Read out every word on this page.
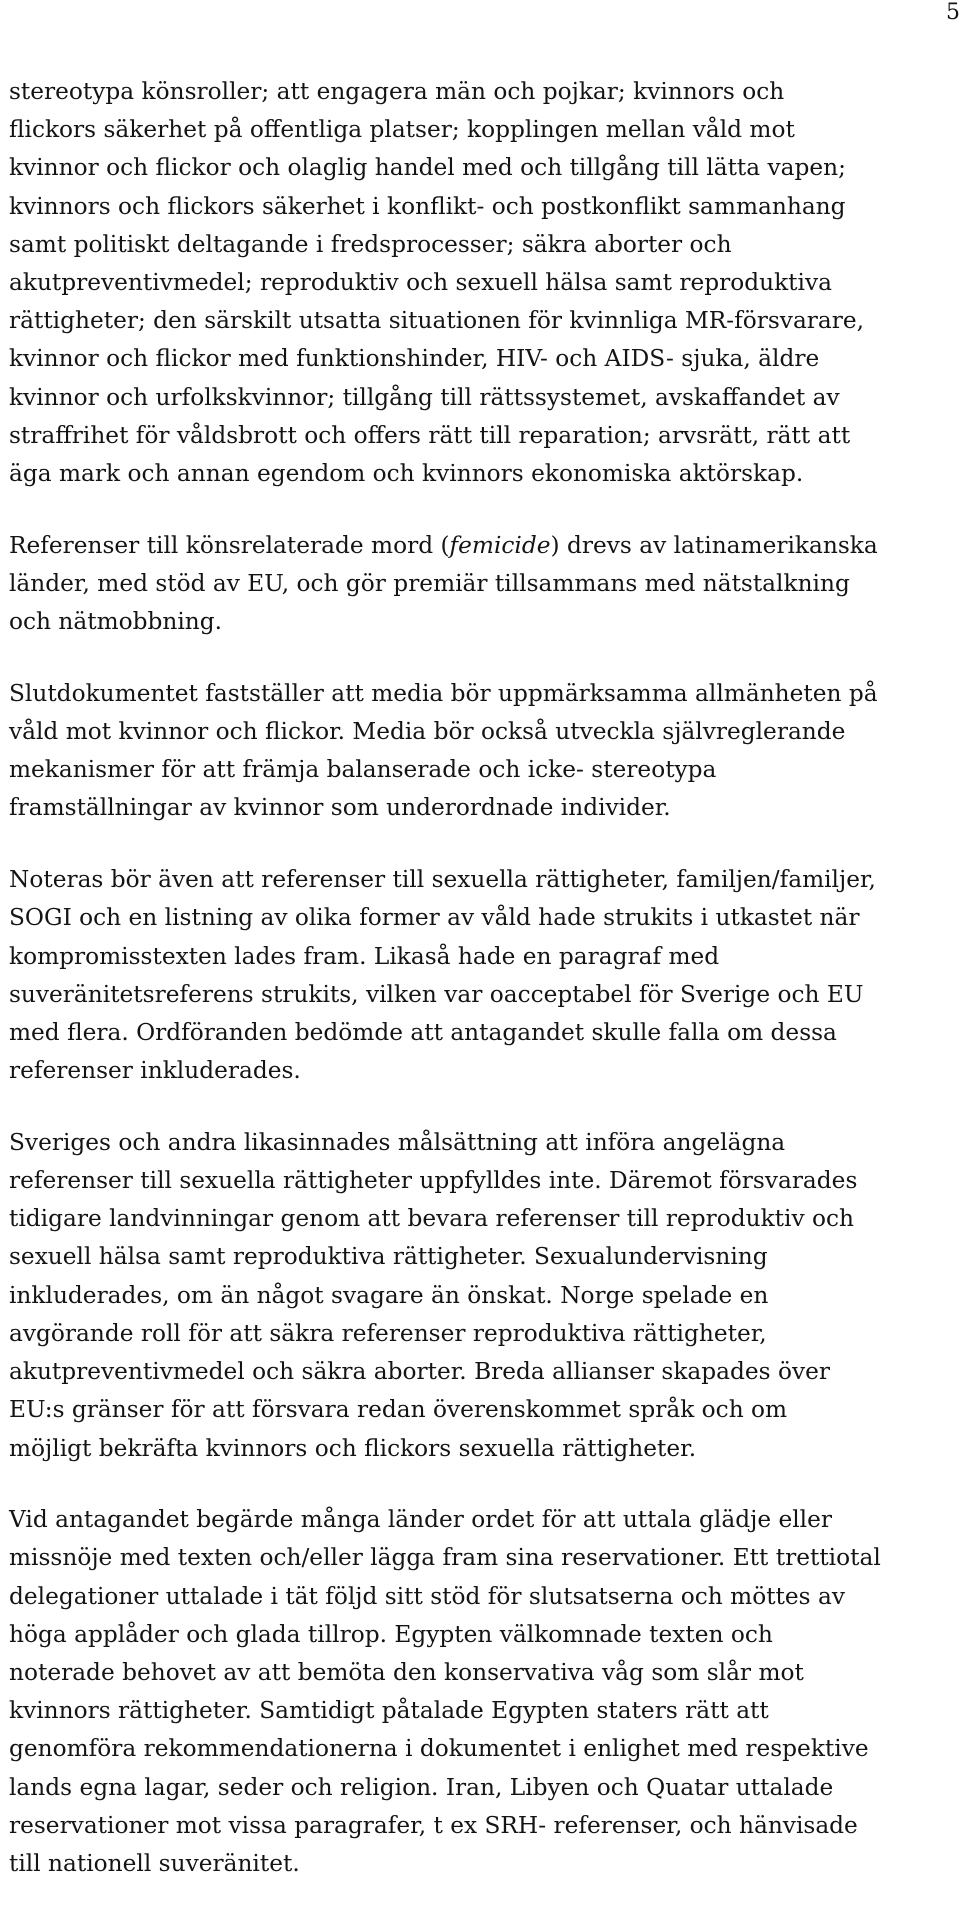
5
stereotypa könsroller; att engagera män och pojkar; kvinnors och
flickors säkerhet på offentliga platser; kopplingen mellan våld mot
kvinnor och flickor och olaglig handel med och tillgång till lätta vapen;
kvinnors och flickors säkerhet i konflikt- och postkonflikt sammanhang
samt politiskt deltagande i fredsprocesser; säkra aborter och
akutpreventivmedel; reproduktiv och sexuell hälsa samt reproduktiva
rättigheter; den särskilt utsatta situationen för kvinnliga MR-försvarare,
kvinnor och flickor med funktionshinder, HIV- och AIDS- sjuka, äldre
kvinnor och urfolkskvinnor; tillgång till rättssystemet, avskaffandet av
straffrihet för våldsbrott och offers rätt till reparation; arvsrätt, rätt att
äga mark och annan egendom och kvinnors ekonomiska aktörskap.
Referenser till könsrelaterade mord (femicide) drevs av latinamerikanska
länder, med stöd av EU, och gör premiär tillsammans med nätstalkning
och nätmobbning.
Slutdokumentet fastställer att media bör uppmärksamma allmänheten på
våld mot kvinnor och flickor. Media bör också utveckla självreglerande
mekanismer för att främja balanserade och icke- stereotypa
framställningar av kvinnor som underordnade individer.
Noteras bör även att referenser till sexuella rättigheter, familjen/familjer,
SOGI och en listning av olika former av våld hade strukits i utkastet när
kompromisstexten lades fram. Likaså hade en paragraf med
suveränitetsreferens strukits, vilken var oacceptabel för Sverige och EU
med flera. Ordföranden bedömde att antagandet skulle falla om dessa
referenser inkluderades.
Sveriges och andra likasinnades målsättning att införa angelägna
referenser till sexuella rättigheter uppfylldes inte. Däremot försvarades
tidigare landvinningar genom att bevara referenser till reproduktiv och
sexuell hälsa samt reproduktiva rättigheter. Sexualundervisning
inkluderades, om än något svagare än önskat. Norge spelade en
avgörande roll för att säkra referenser reproduktiva rättigheter,
akutpreventivmedel och säkra aborter. Breda allianser skapades över
EU:s gränser för att försvara redan överenskommet språk och om
möjligt bekräfta kvinnors och flickors sexuella rättigheter.
Vid antagandet begärde många länder ordet för att uttala glädje eller
missnöje med texten och/eller lägga fram sina reservationer. Ett trettiotal
delegationer uttalade i tät följd sitt stöd för slutsatserna och möttes av
höga applåder och glada tillrop. Egypten välkomnade texten och
noterade behovet av att bemöta den konservativa våg som slår mot
kvinnors rättigheter. Samtidigt påtalade Egypten staters rätt att
genomföra rekommendationerna i dokumentet i enlighet med respektive
lands egna lagar, seder och religion. Iran, Libyen och Quatar uttalade
reservationer mot vissa paragrafer, t ex SRH- referenser, och hänvisade
till nationell suveränitet.
